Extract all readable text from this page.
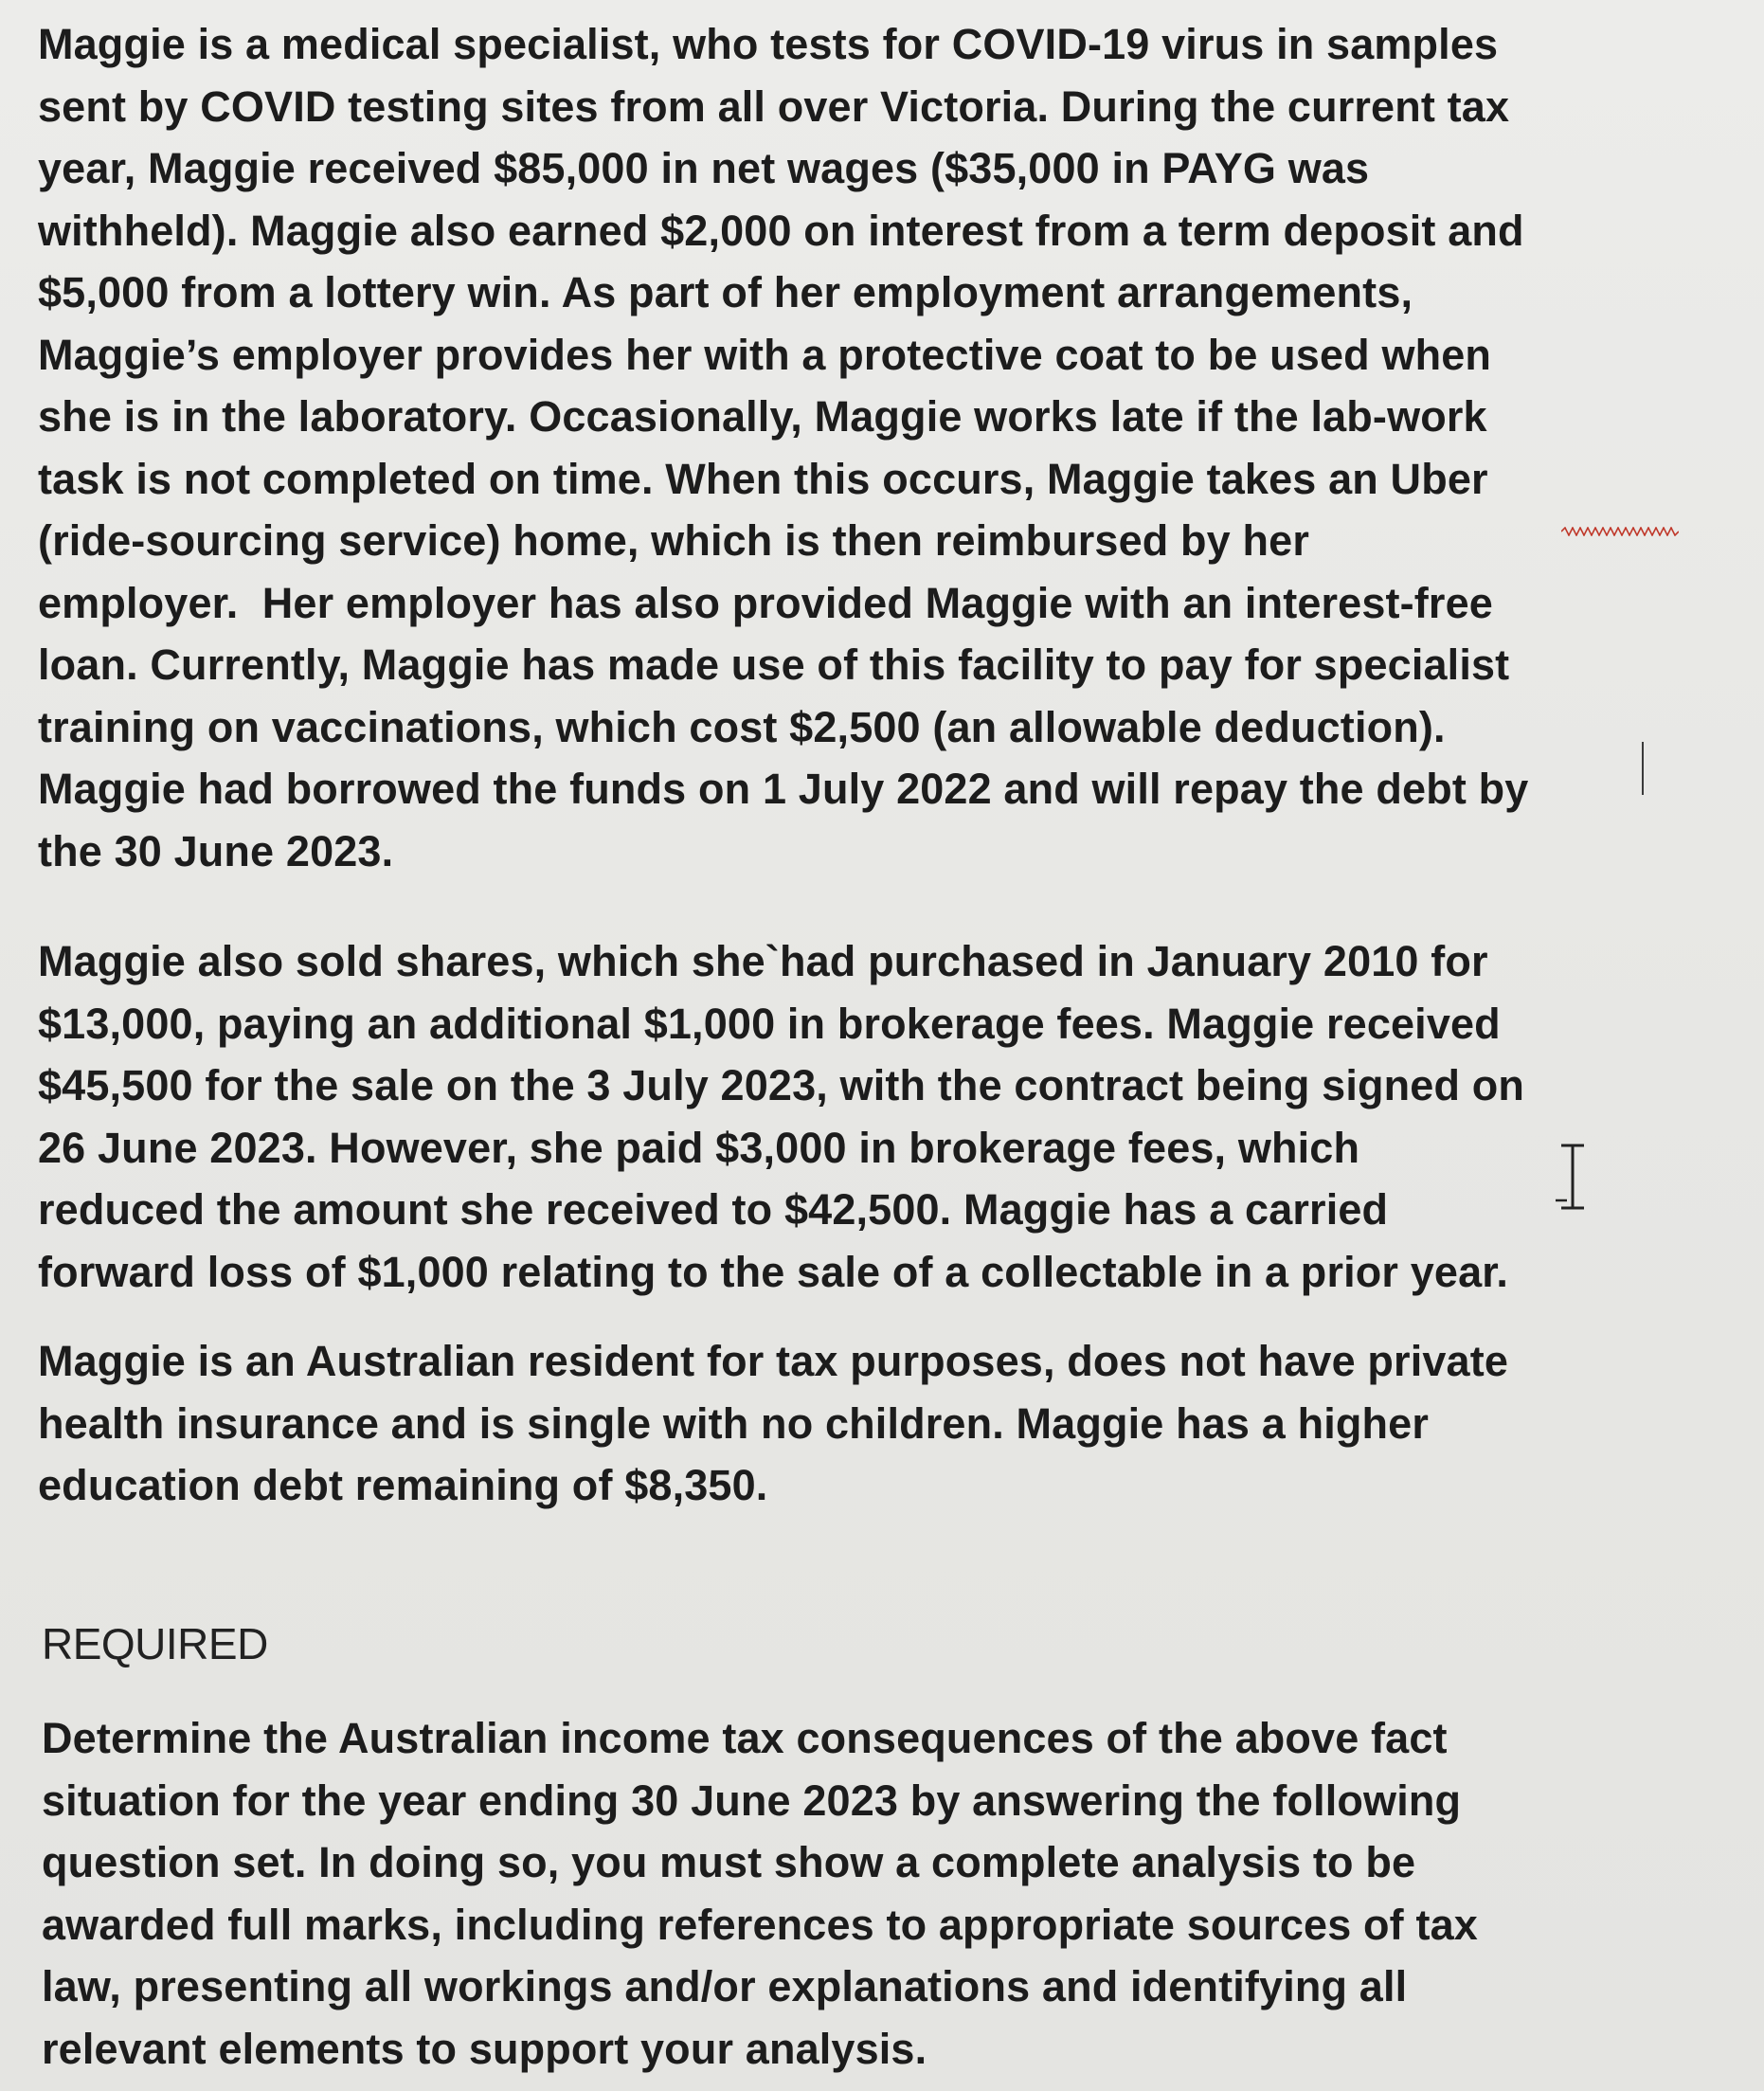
Maggie is a medical specialist, who tests for COVID-19 virus in samples
sent by COVID testing sites from all over Victoria. During the current tax
year, Maggie received $85,000 in net wages ($35,000 in PAYG was
withheld). Maggie also earned $2,000 on interest from a term deposit and
$5,000 from a lottery win. As part of her employment arrangements,
Maggie’s employer provides her with a protective coat to be used when
she is in the laboratory. Occasionally, Maggie works late if the lab-work
task is not completed on time. When this occurs, Maggie takes an Uber
(ride-sourcing service) home, which is then reimbursed by her
employer.  Her employer has also provided Maggie with an interest-free
loan. Currently, Maggie has made use of this facility to pay for specialist
training on vaccinations, which cost $2,500 (an allowable deduction).
Maggie had borrowed the funds on 1 July 2022 and will repay the debt by
the 30 June 2023.

Maggie also sold shares, which she`had purchased in January 2010 for
$13,000, paying an additional $1,000 in brokerage fees. Maggie received
$45,500 for the sale on the 3 July 2023, with the contract being signed on
26 June 2023. However, she paid $3,000 in brokerage fees, which
reduced the amount she received to $42,500. Maggie has a carried
forward loss of $1,000 relating to the sale of a collectable in a prior year.

Maggie is an Australian resident for tax purposes, does not have private
health insurance and is single with no children. Maggie has a higher
education debt remaining of $8,350.

REQUIRED

Determine the Australian income tax consequences of the above fact
situation for the year ending 30 June 2023 by answering the following
question set. In doing so, you must show a complete analysis to be
awarded full marks, including references to appropriate sources of tax
law, presenting all workings and/or explanations and identifying all
relevant elements to support your analysis.
